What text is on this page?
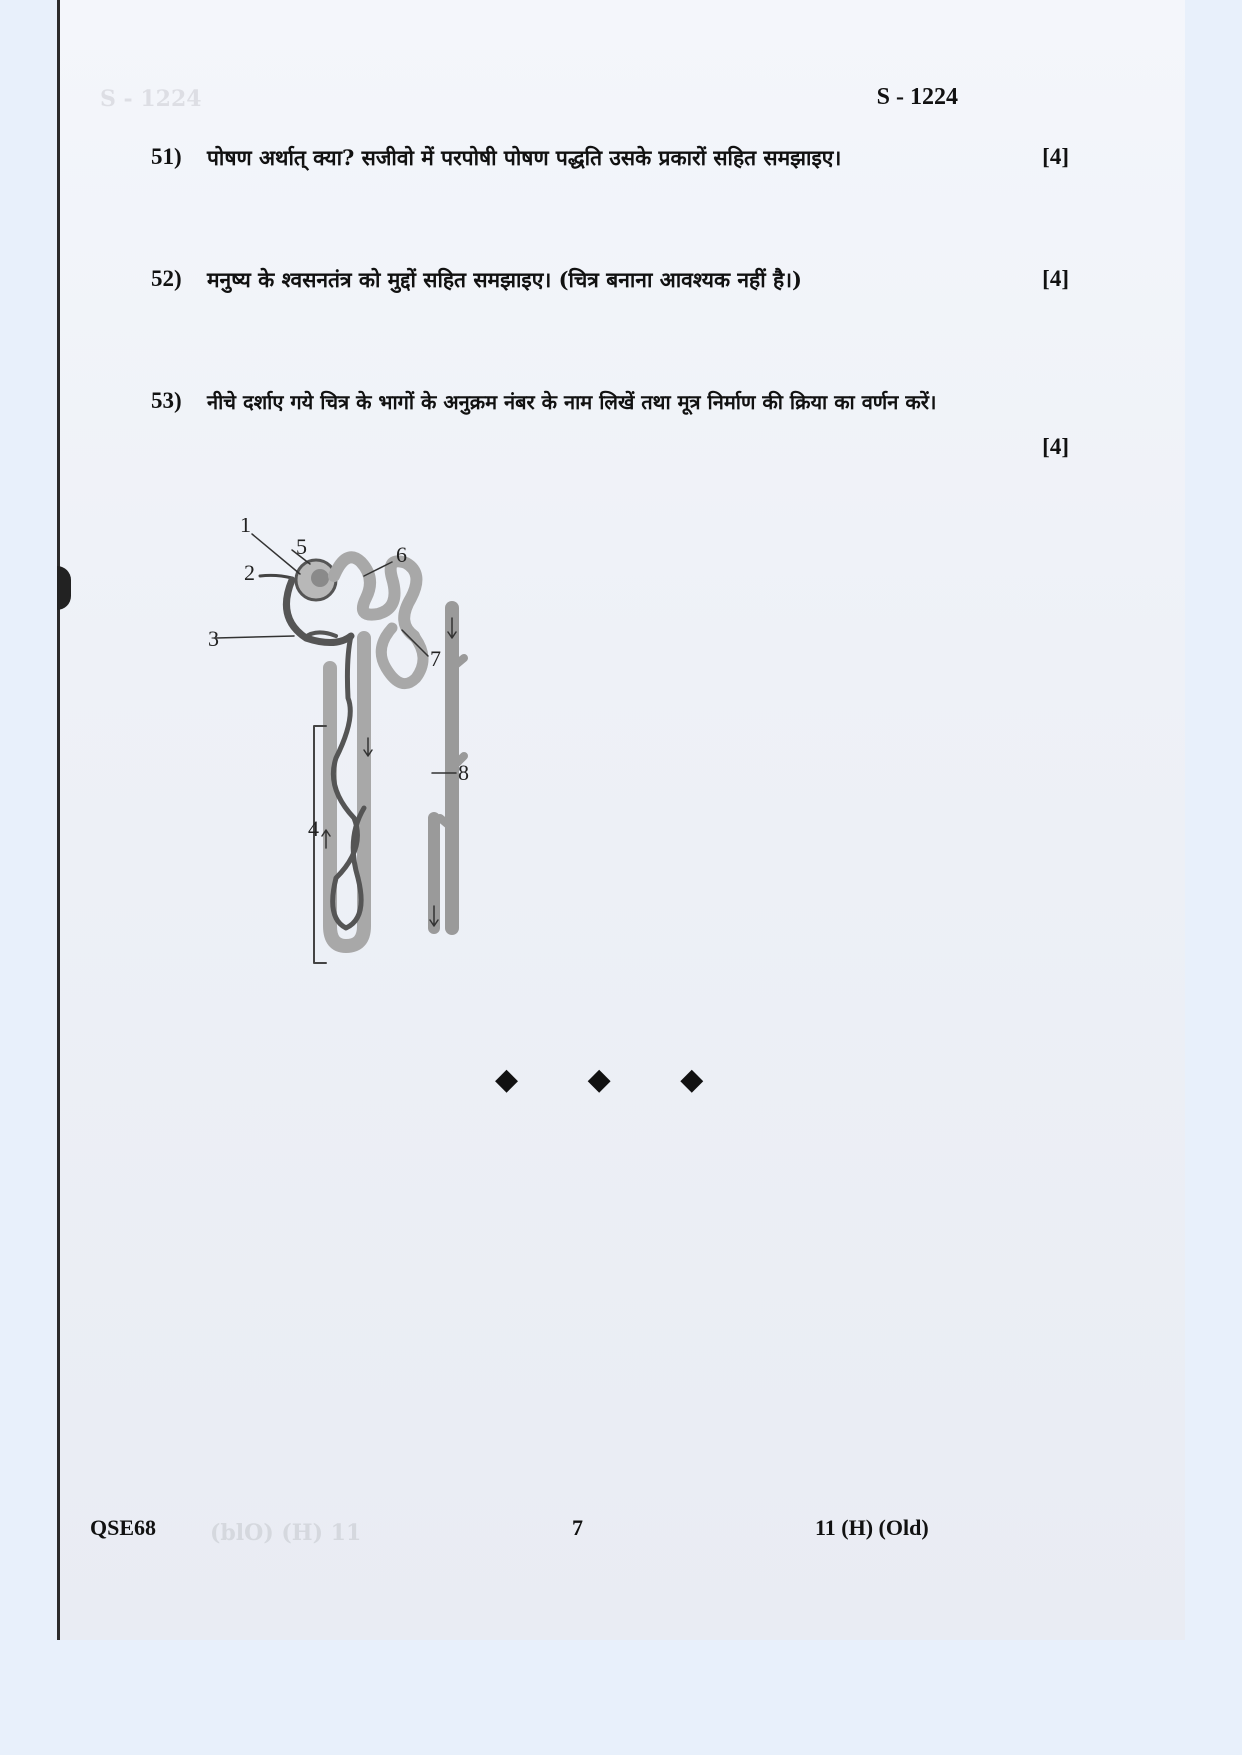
S - 1224
(blO) (H) 11
S - 1224
51) पोषण अर्थात् क्या? सजीवो में परपोषी पोषण पद्धति उसके प्रकारों सहित समझाइए।	[4]
52) मनुष्य के श्वसनतंत्र को मुद्दों सहित समझाइए। (चित्र बनाना आवश्यक नहीं है।)	[4]
53) नीचे दर्शाए गये चित्र के भागों के अनुक्रम नंबर के नाम लिखें तथा मूत्र निर्माण की क्रिया का वर्णन करें।
[4]
1
2
3
4
5	6
7
8
◆ ◆ ◆
QSE68	7	11 (H) (Old)
